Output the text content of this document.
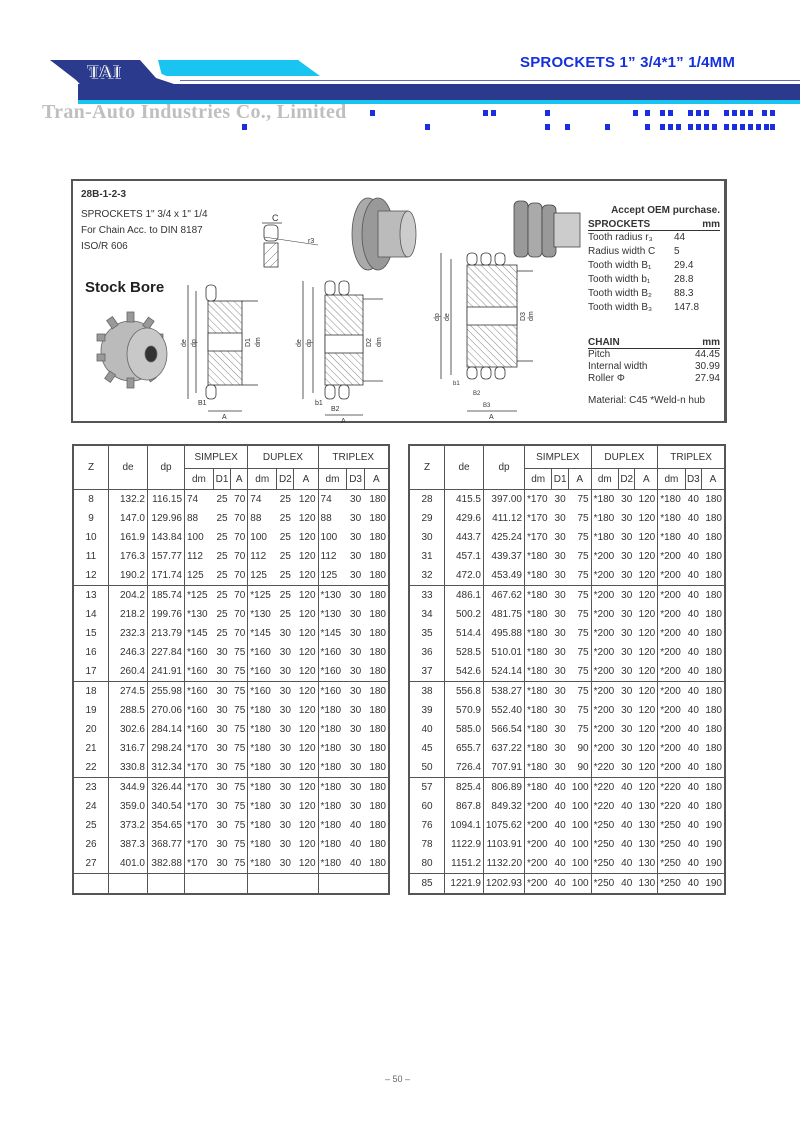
SPROCKETS 1” 3/4*1” 1/4MM
TAI
Tran-Auto Industries Co., Limited
28B-1-2-3
SPROCKETS 1" 3/4 x 1" 1/4
For Chain Acc. to DIN 8187
ISO/R 606
Stock Bore
C
r3
de dp	D1 dm
B1
A
de dp	D2 dm
b1
B2
A
dp de	D3 dm
b1
B2
B3
A
Accept OEM purchase.
SPROCKETS	mm
Tooth radius r₃	44
Radius width C	5
Tooth width B₁	29.4
Tooth width b₁	28.8
Tooth width B₂	88.3
Tooth width B₃	147.8
CHAIN	mm
Pitch	44.45
Internal width	30.99
Roller Φ	27.94
Material: C45 *Weld-n hub
Z	de	dp	SIMPLEX			DUPLEX			TRIPLEX		
			dm	D1	A	dm	D2	A	dm	D3	A
8	132.2	116.15	74	25	70	74	25	120	74	30	180
9	147.0	129.96	88	25	70	88	25	120	88	30	180
10	161.9	143.84	100	25	70	100	25	120	100	30	180
11	176.3	157.77	112	25	70	112	25	120	112	30	180
12	190.2	171.74	125	25	70	125	25	120	125	30	180
13	204.2	185.74	*125	25	70	*125	25	120	*130	30	180
14	218.2	199.76	*130	25	70	*130	25	120	*130	30	180
15	232.3	213.79	*145	25	70	*145	30	120	*145	30	180
16	246.3	227.84	*160	30	75	*160	30	120	*160	30	180
17	260.4	241.91	*160	30	75	*160	30	120	*160	30	180
18	274.5	255.98	*160	30	75	*160	30	120	*160	30	180
19	288.5	270.06	*160	30	75	*180	30	120	*180	30	180
20	302.6	284.14	*160	30	75	*180	30	120	*180	30	180
21	316.7	298.24	*170	30	75	*180	30	120	*180	30	180
22	330.8	312.34	*170	30	75	*180	30	120	*180	30	180
23	344.9	326.44	*170	30	75	*180	30	120	*180	30	180
24	359.0	340.54	*170	30	75	*180	30	120	*180	30	180
25	373.2	354.65	*170	30	75	*180	30	120	*180	40	180
26	387.3	368.77	*170	30	75	*180	30	120	*180	40	180
27	401.0	382.88	*170	30	75	*180	30	120	*180	40	180

Z	de	dp	SIMPLEX			DUPLEX			TRIPLEX		
			dm	D1	A	dm	D2	A	dm	D3	A
28	415.5	397.00	*170	30	75	*180	30	120	*180	40	180
29	429.6	411.12	*170	30	75	*180	30	120	*180	40	180
30	443.7	425.24	*170	30	75	*180	30	120	*180	40	180
31	457.1	439.37	*180	30	75	*200	30	120	*200	40	180
32	472.0	453.49	*180	30	75	*200	30	120	*200	40	180
33	486.1	467.62	*180	30	75	*200	30	120	*200	40	180
34	500.2	481.75	*180	30	75	*200	30	120	*200	40	180
35	514.4	495.88	*180	30	75	*200	30	120	*200	40	180
36	528.5	510.01	*180	30	75	*200	30	120	*200	40	180
37	542.6	524.14	*180	30	75	*200	30	120	*200	40	180
38	556.8	538.27	*180	30	75	*200	30	120	*200	40	180
39	570.9	552.40	*180	30	75	*200	30	120	*200	40	180
40	585.0	566.54	*180	30	75	*200	30	120	*200	40	180
45	655.7	637.22	*180	30	90	*200	30	120	*200	40	180
50	726.4	707.91	*180	30	90	*220	30	120	*200	40	180
57	825.4	806.89	*180	40	100	*220	40	120	*220	40	180
60	867.8	849.32	*200	40	100	*220	40	130	*220	40	180
76	1094.1	1075.62	*200	40	100	*250	40	130	*250	40	190
78	1122.9	1103.91	*200	40	100	*250	40	130	*250	40	190
80	1151.2	1132.20	*200	40	100	*250	40	130	*250	40	190
85	1221.9	1202.93	*200	40	100	*250	40	130	*250	40	190
– 50 –
